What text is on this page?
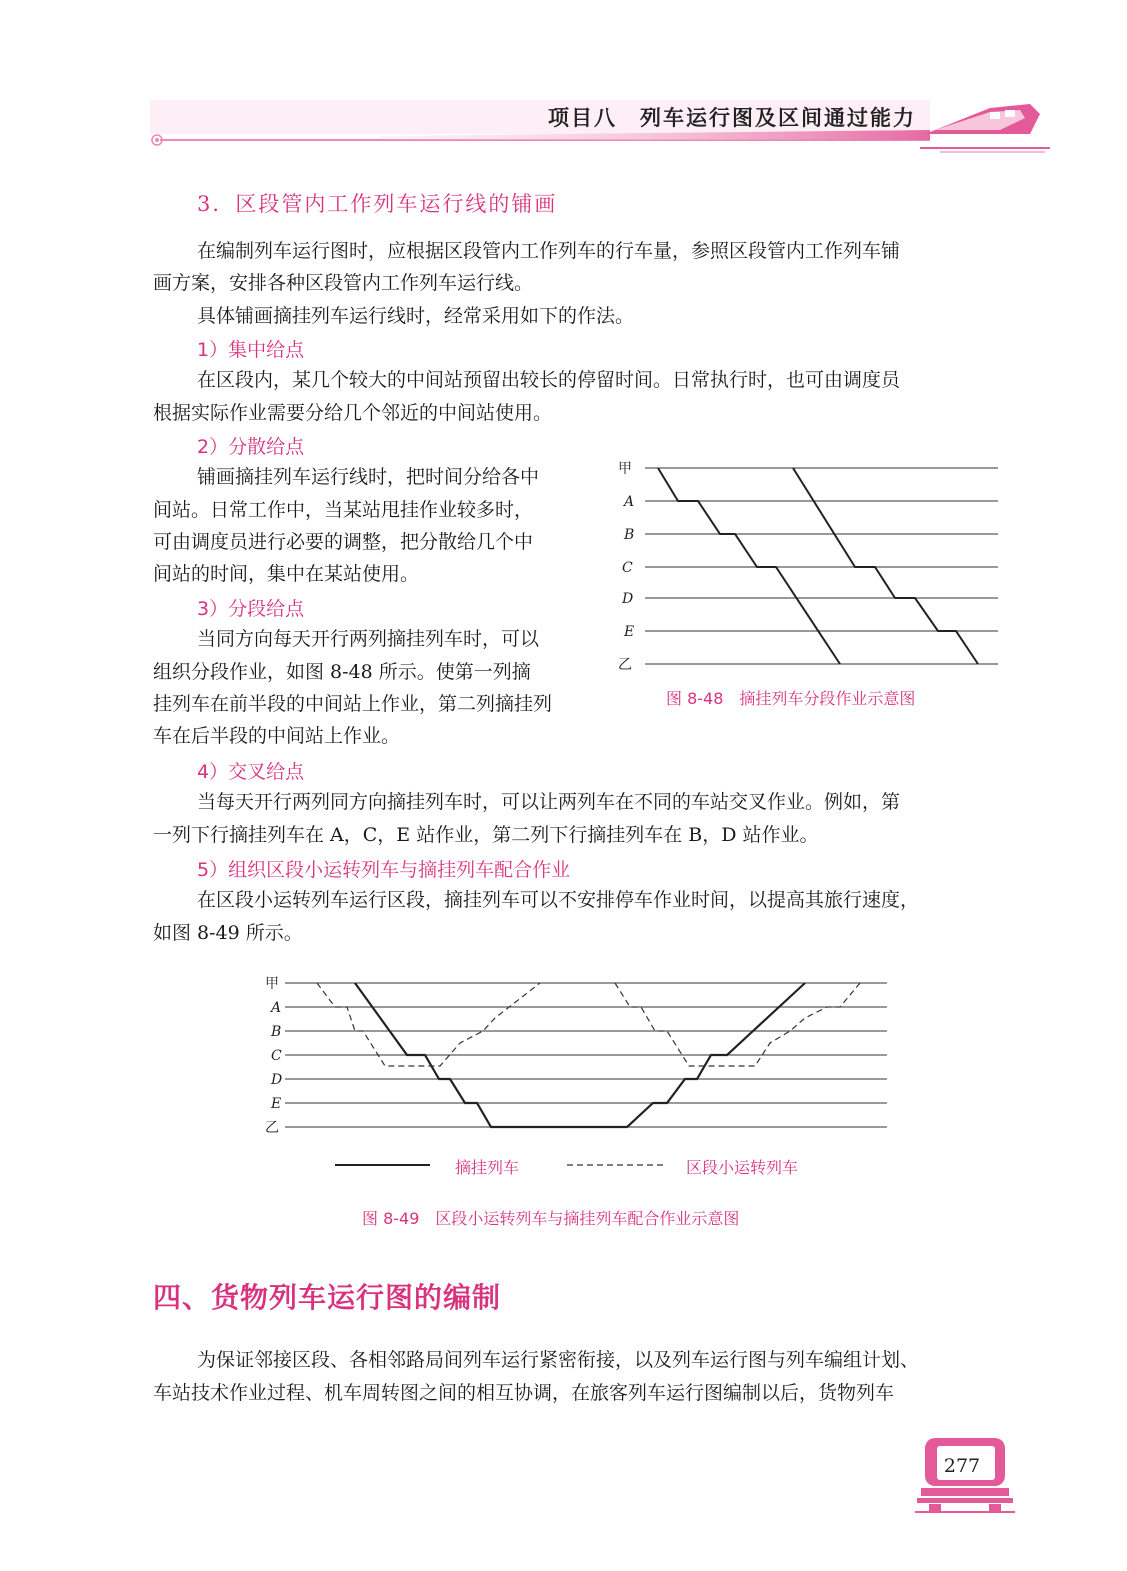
项目八　列车运行图及区间通过能力
3．区段管内工作列车运行线的铺画
在编制列车运行图时，应根据区段管内工作列车的行车量，参照区段管内工作列车铺
画方案，安排各种区段管内工作列车运行线。
具体铺画摘挂列车运行线时，经常采用如下的作法。
1）集中给点
在区段内，某几个较大的中间站预留出较长的停留时间。日常执行时，也可由调度员
根据实际作业需要分给几个邻近的中间站使用。
2）分散给点
铺画摘挂列车运行线时，把时间分给各中
间站。日常工作中，当某站甩挂作业较多时，
可由调度员进行必要的调整，把分散给几个中
间站的时间，集中在某站使用。
3）分段给点
当同方向每天开行两列摘挂列车时，可以
组织分段作业，如图 8-48 所示。使第一列摘
挂列车在前半段的中间站上作业，第二列摘挂列
车在后半段的中间站上作业。
甲
A
B
C
D
E
乙
图 8-48　摘挂列车分段作业示意图
4）交叉给点
当每天开行两列同方向摘挂列车时，可以让两列车在不同的车站交叉作业。例如，第
一列下行摘挂列车在 A，C，E 站作业，第二列下行摘挂列车在 B，D 站作业。
5）组织区段小运转列车与摘挂列车配合作业
在区段小运转列车运行区段，摘挂列车可以不安排停车作业时间，以提高其旅行速度，
如图 8-49 所示。
甲
A
B
C
D
E
乙
摘挂列车	区段小运转列车
图 8-49　区段小运转列车与摘挂列车配合作业示意图
四、货物列车运行图的编制
为保证邻接区段、各相邻路局间列车运行紧密衔接，以及列车运行图与列车编组计划、
车站技术作业过程、机车周转图之间的相互协调，在旅客列车运行图编制以后，货物列车
277
